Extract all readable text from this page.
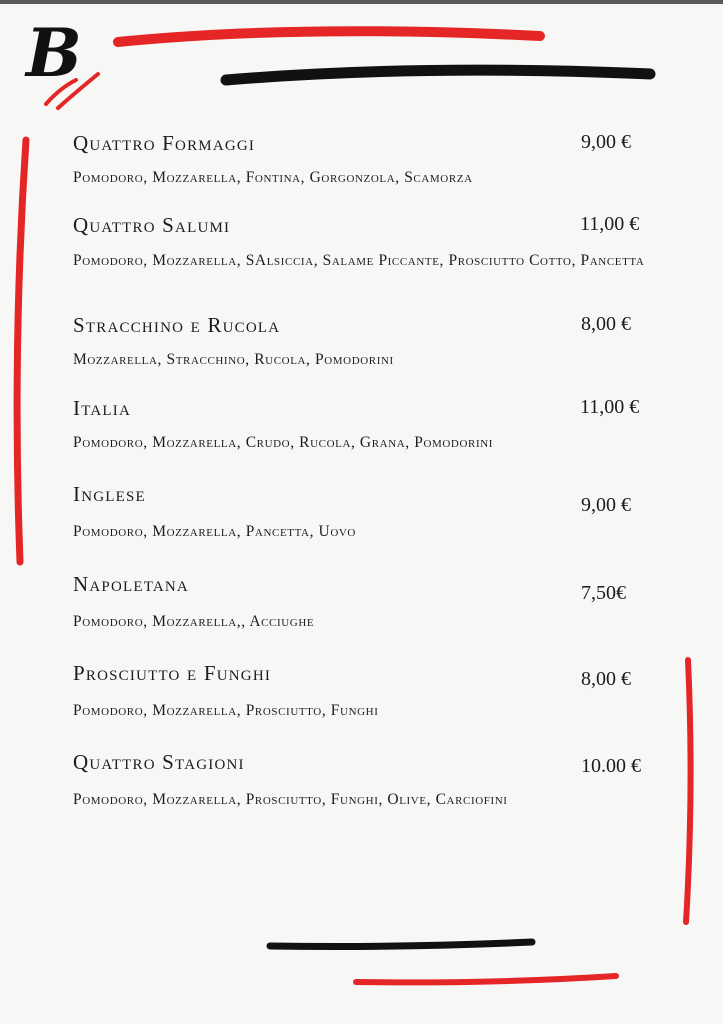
B
Quattro Formaggi	9,00 €
Pomodoro, Mozzarella, Fontina, Gorgonzola, Scamorza
Quattro Salumi	11,00 €
Pomodoro, Mozzarella, SAlsiccia, Salame Piccante, Prosciutto Cotto, Pancetta
Stracchino e Rucola	8,00 €
Mozzarella, Stracchino, Rucola, Pomodorini
Italia	11,00 €
Pomodoro, Mozzarella, Crudo, Rucola, Grana, Pomodorini
Inglese	9,00 €
Pomodoro, Mozzarella, Pancetta, Uovo
Napoletana	7,50€
Pomodoro, Mozzarella,, Acciughe
Prosciutto e Funghi	8,00 €
Pomodoro, Mozzarella, Prosciutto, Funghi
Quattro Stagioni	10.00 €
Pomodoro, Mozzarella, Prosciutto, Funghi, Olive, Carciofini
